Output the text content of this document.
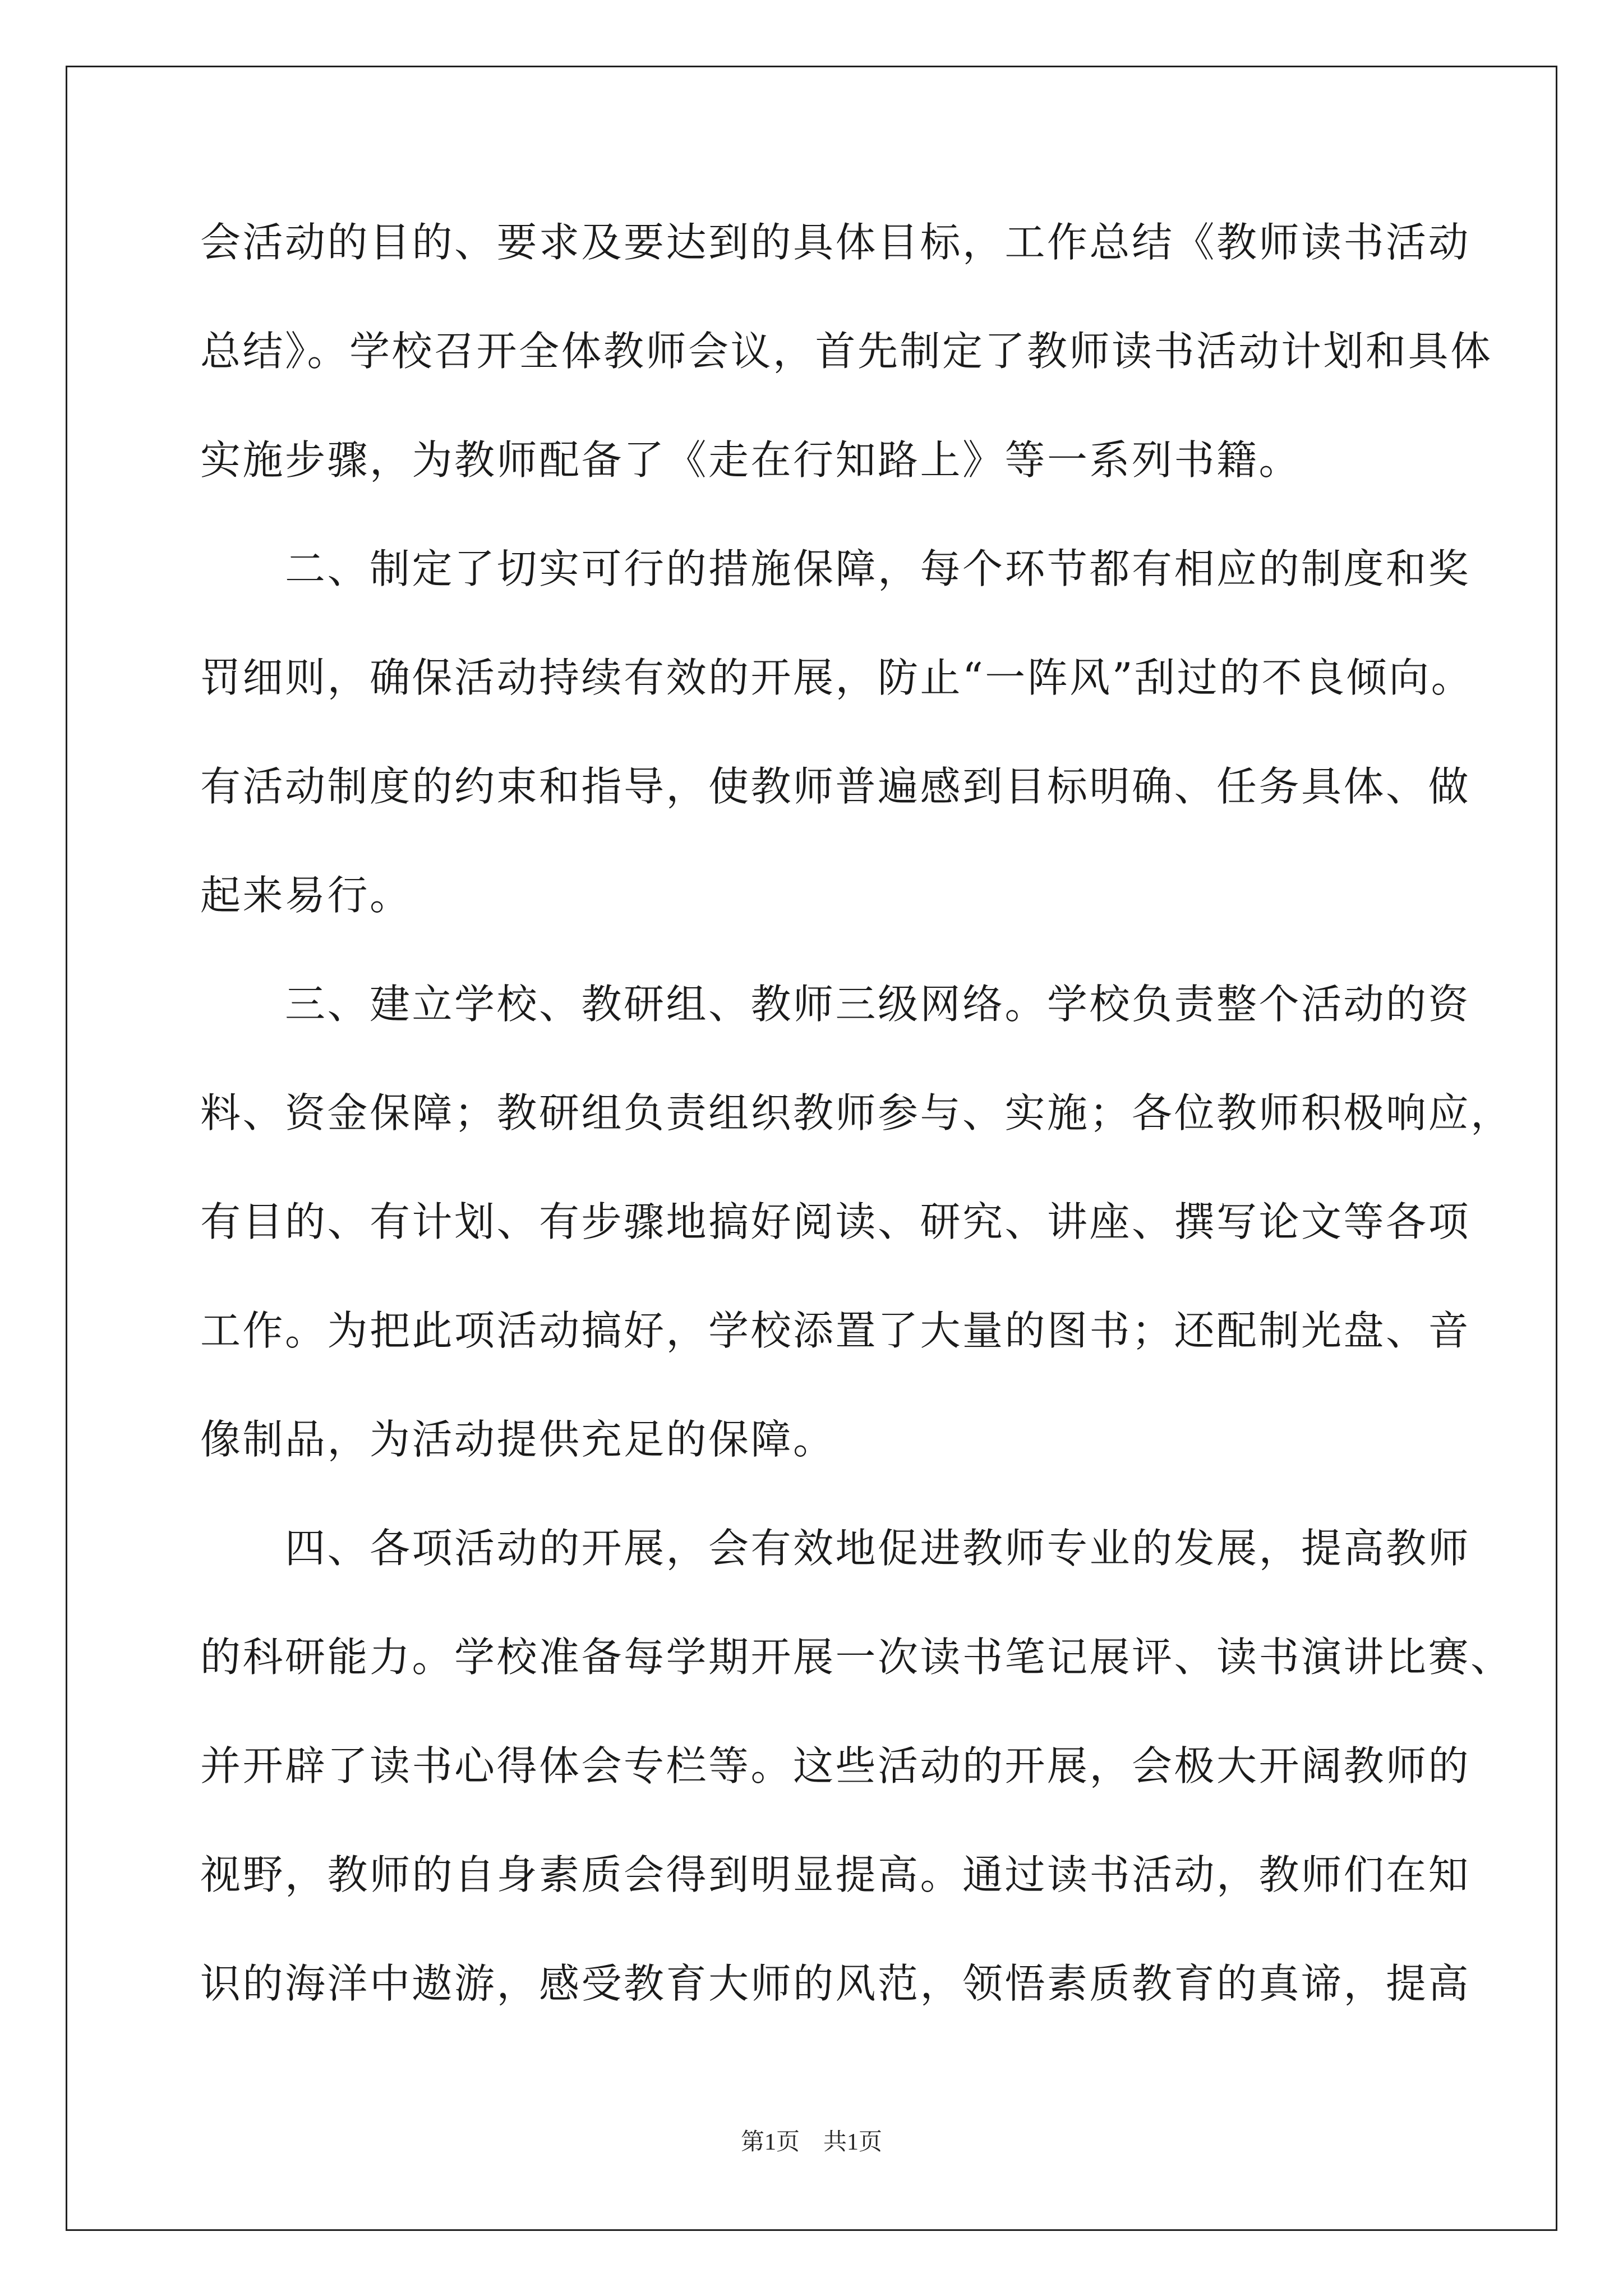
会活动的目的、要求及要达到的具体目标，工作总结《教师读书活动
总结》。学校召开全体教师会议，首先制定了教师读书活动计划和具体
实施步骤，为教师配备了《走在行知路上》等一系列书籍。
　　二、制定了切实可行的措施保障，每个环节都有相应的制度和奖
罚细则，确保活动持续有效的开展，防止“一阵风”刮过的不良倾向。
有活动制度的约束和指导，使教师普遍感到目标明确、任务具体、做
起来易行。
　　三、建立学校、教研组、教师三级网络。学校负责整个活动的资
料、资金保障；教研组负责组织教师参与、实施；各位教师积极响应，
有目的、有计划、有步骤地搞好阅读、研究、讲座、撰写论文等各项
工作。为把此项活动搞好，学校添置了大量的图书；还配制光盘、音
像制品，为活动提供充足的保障。
　　四、各项活动的开展，会有效地促进教师专业的发展，提高教师
的科研能力。学校准备每学期开展一次读书笔记展评、读书演讲比赛、
并开辟了读书心得体会专栏等。这些活动的开展，会极大开阔教师的
视野，教师的自身素质会得到明显提高。通过读书活动，教师们在知
识的海洋中遨游，感受教育大师的风范，领悟素质教育的真谛，提高
第1页　共1页
